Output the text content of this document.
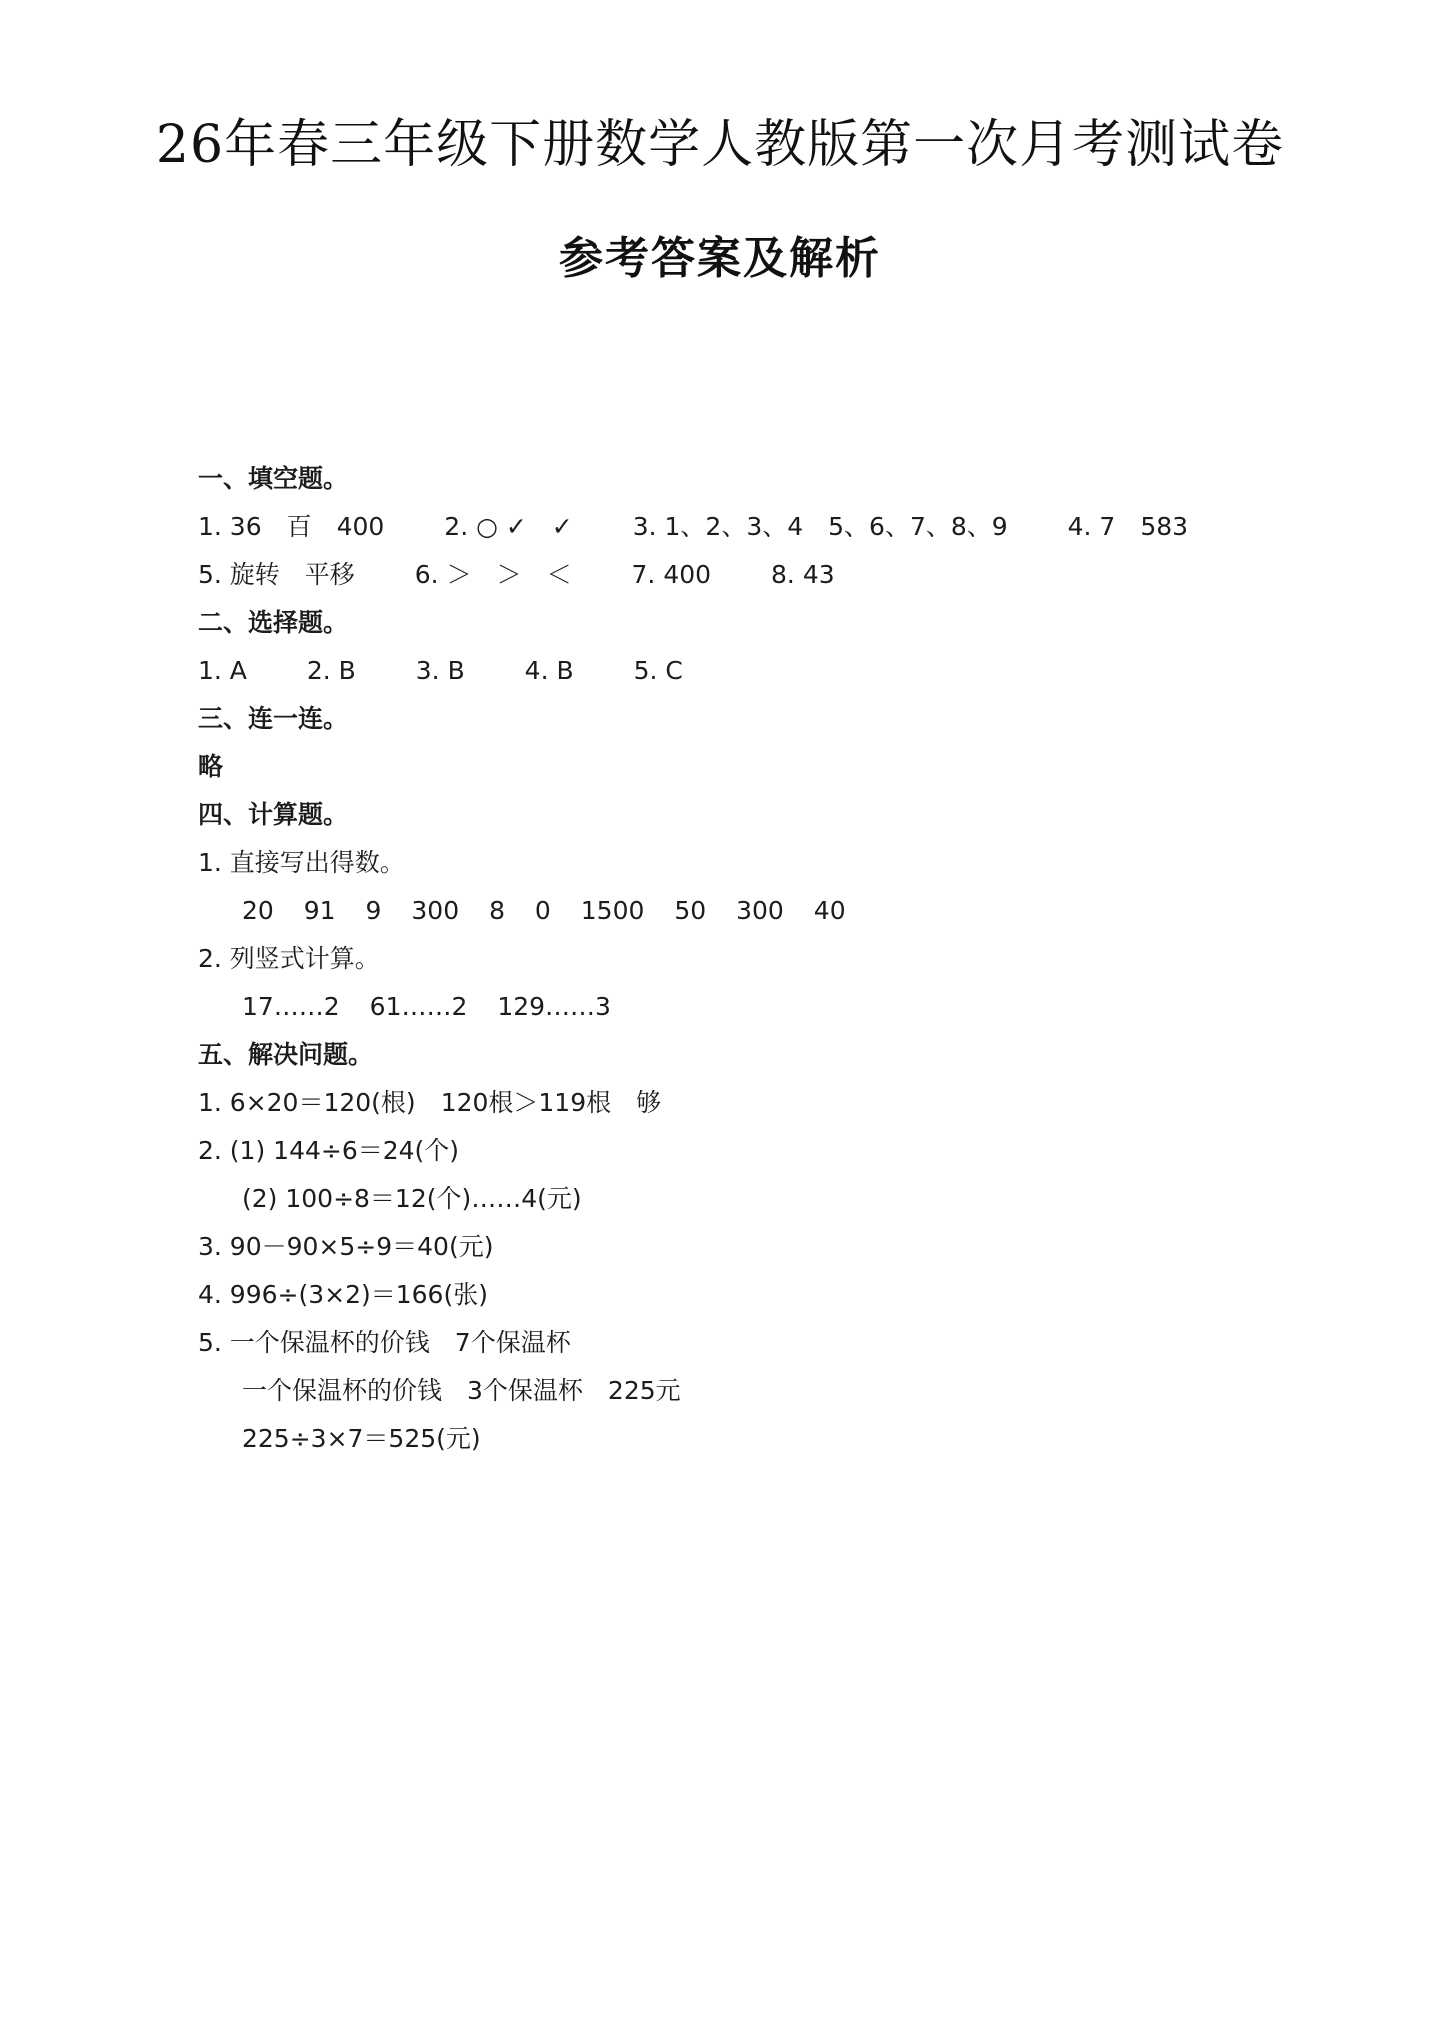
26年春三年级下册数学人教版第一次月考测试卷
参考答案及解析
一、填空题。
1. 36　百　400 2. ○ ✓　✓ 3. 1、2、3、4　5、6、7、8、9 4. 7　583
5. 旋转　平移 6. ＞　＞　＜ 7. 400 8. 43
二、选择题。
1. A 2. B 3. B 4. B 5. C
三、连一连。
略
四、计算题。
1. 直接写出得数。
20 91 9 300 8 0 1500 50 300 40
2. 列竖式计算。
17……2 61……2 129……3
五、解决问题。
1. 6×20＝120(根)　120根＞119根　够
2. (1) 144÷6＝24(个)
(2) 100÷8＝12(个)……4(元)
3. 90－90×5÷9＝40(元)
4. 996÷(3×2)＝166(张)
5. 一个保温杯的价钱　7个保温杯
一个保温杯的价钱　3个保温杯　225元
225÷3×7＝525(元)
